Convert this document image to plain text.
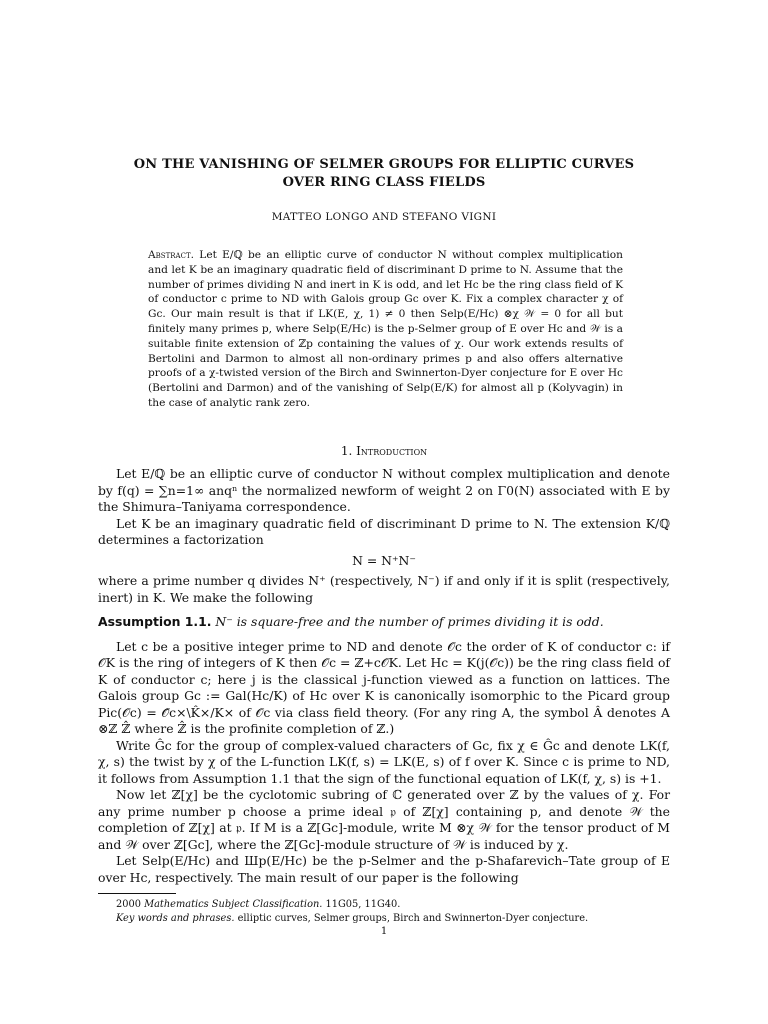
ON THE VANISHING OF SELMER GROUPS FOR ELLIPTIC CURVES
OVER RING CLASS FIELDS
MATTEO LONGO AND STEFANO VIGNI
Abstract. Let E/ℚ be an elliptic curve of conductor N without complex multiplication and let K be an imaginary quadratic field of discriminant D prime to N. Assume that the number of primes dividing N and inert in K is odd, and let Hc be the ring class field of K of conductor c prime to ND with Galois group Gc over K. Fix a complex character χ of Gc. Our main result is that if LK(E, χ, 1) ≠ 0 then Selp(E/Hc) ⊗χ 𝒲 = 0 for all but finitely many primes p, where Selp(E/Hc) is the p-Selmer group of E over Hc and 𝒲 is a suitable finite extension of ℤp containing the values of χ. Our work extends results of Bertolini and Darmon to almost all non-ordinary primes p and also offers alternative proofs of a χ-twisted version of the Birch and Swinnerton-Dyer conjecture for E over Hc (Bertolini and Darmon) and of the vanishing of Selp(E/K) for almost all p (Kolyvagin) in the case of analytic rank zero.
1. Introduction

Let E/ℚ be an elliptic curve of conductor N without complex multiplication and denote by f(q) = ∑n=1∞ anqⁿ the normalized newform of weight 2 on Γ0(N) associated with E by the Shimura–Taniyama correspondence.

Let K be an imaginary quadratic field of discriminant D prime to N. The extension K/ℚ determines a factorization

N = N⁺N⁻

where a prime number q divides N⁺ (respectively, N⁻) if and only if it is split (respectively, inert) in K. We make the following

Assumption 1.1. N⁻ is square-free and the number of primes dividing it is odd.

Let c be a positive integer prime to ND and denote 𝒪c the order of K of conductor c: if 𝒪K is the ring of integers of K then 𝒪c = ℤ+c𝒪K. Let Hc = K(j(𝒪c)) be the ring class field of K of conductor c; here j is the classical j-function viewed as a function on lattices. The Galois group Gc := Gal(Hc/K) of Hc over K is canonically isomorphic to the Picard group Pic(𝒪c) = 𝒪̂c×\K̂×/K× of 𝒪c via class field theory. (For any ring A, the symbol Â denotes A ⊗ℤ ℤ̂ where ℤ̂ is the profinite completion of ℤ.)

Write Ĝc for the group of complex-valued characters of Gc, fix χ ∈ Ĝc and denote LK(f, χ, s) the twist by χ of the L-function LK(f, s) = LK(E, s) of f over K. Since c is prime to ND, it follows from Assumption 1.1 that the sign of the functional equation of LK(f, χ, s) is +1.

Now let ℤ[χ] be the cyclotomic subring of ℂ generated over ℤ by the values of χ. For any prime number p choose a prime ideal 𝔭 of ℤ[χ] containing p, and denote 𝒲 the completion of ℤ[χ] at 𝔭. If M is a ℤ[Gc]-module, write M ⊗χ 𝒲 for the tensor product of M and 𝒲 over ℤ[Gc], where the ℤ[Gc]-module structure of 𝒲 is induced by χ.

Let Selp(E/Hc) and Шp(E/Hc) be the p-Selmer and the p-Shafarevich–Tate group of E over Hc, respectively. The main result of our paper is the following

2000 Mathematics Subject Classification. 11G05, 11G40.
Key words and phrases. elliptic curves, Selmer groups, Birch and Swinnerton-Dyer conjecture.
1
